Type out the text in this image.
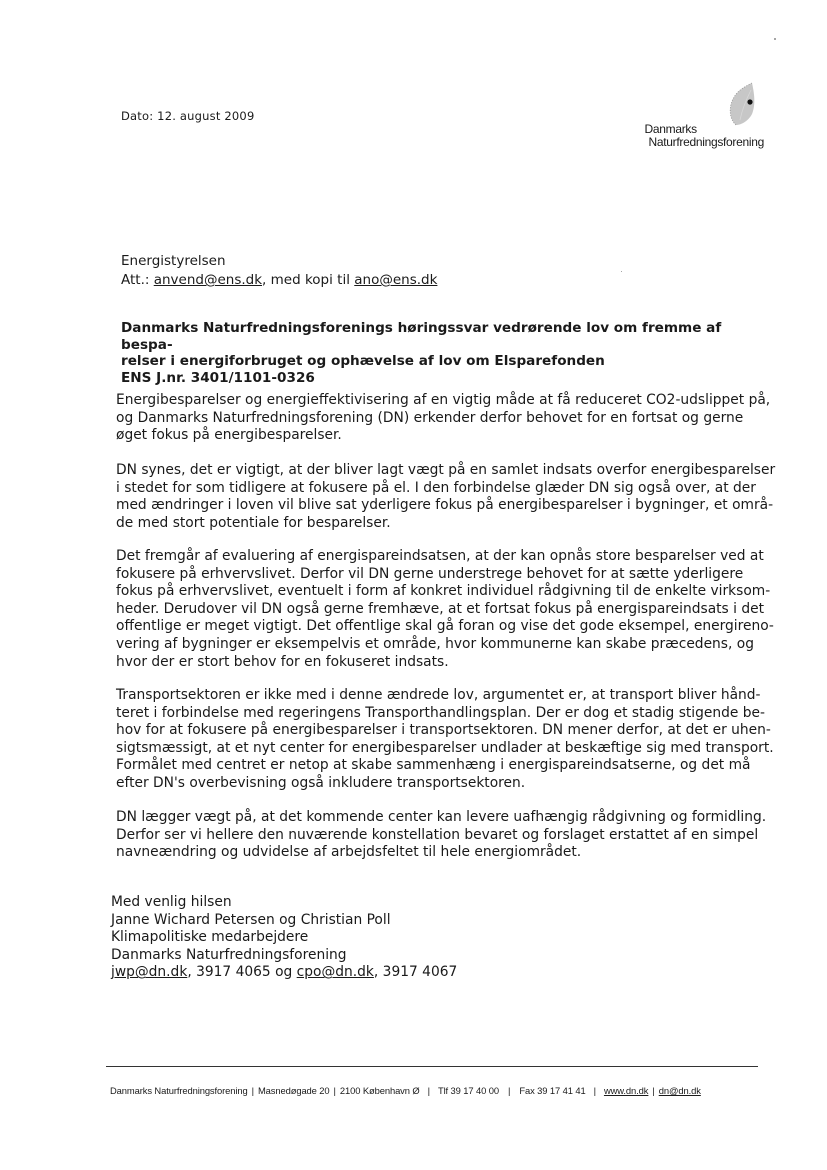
Dato: 12. august 2009
Danmarks
Naturfredningsforening
Energistyrelsen
Att.: anvend@ens.dk, med kopi til ano@ens.dk
Danmarks Naturfredningsforenings høringssvar vedrørende lov om fremme af bespa-
relser i energiforbruget og ophævelse af lov om Elsparefonden
ENS J.nr. 3401/1101-0326
Energibesparelser og energieffektivisering af en vigtig måde at få reduceret CO2-udslippet på,
og Danmarks Naturfredningsforening (DN) erkender derfor behovet for en fortsat og gerne
øget fokus på energibesparelser.
DN synes, det er vigtigt, at der bliver lagt vægt på en samlet indsats overfor energibesparelser
i stedet for som tidligere at fokusere på el. I den forbindelse glæder DN sig også over, at der
med ændringer i loven vil blive sat yderligere fokus på energibesparelser i bygninger, et områ-
de med stort potentiale for besparelser.
Det fremgår af evaluering af energispareindsatsen, at der kan opnås store besparelser ved at
fokusere på erhvervslivet. Derfor vil DN gerne understrege behovet for at sætte yderligere
fokus på erhvervslivet, eventuelt i form af konkret individuel rådgivning til de enkelte virksom-
heder. Derudover vil DN også gerne fremhæve, at et fortsat fokus på energispareindsats i det
offentlige er meget vigtigt. Det offentlige skal gå foran og vise det gode eksempel, energireno-
vering af bygninger er eksempelvis et område, hvor kommunerne kan skabe præcedens, og
hvor der er stort behov for en fokuseret indsats.
Transportsektoren er ikke med i denne ændrede lov, argumentet er, at transport bliver hånd-
teret i forbindelse med regeringens Transporthandlingsplan. Der er dog et stadig stigende be-
hov for at fokusere på energibesparelser i transportsektoren. DN mener derfor, at det er uhen-
sigtsmæssigt, at et nyt center for energibesparelser undlader at beskæftige sig med transport.
Formålet med centret er netop at skabe sammenhæng i energispareindsatserne, og det må
efter DN's overbevisning også inkludere transportsektoren.
DN lægger vægt på, at det kommende center kan levere uafhængig rådgivning og formidling.
Derfor ser vi hellere den nuværende konstellation bevaret og forslaget erstattet af en simpel
navneændring og udvidelse af arbejdsfeltet til hele energiområdet.
Med venlig hilsen
Janne Wichard Petersen og Christian Poll
Klimapolitiske medarbejdere
Danmarks Naturfredningsforening
jwp@dn.dk, 3917 4065 og cpo@dn.dk, 3917 4067
Danmarks Naturfredningsforening | Masnedøgade 20 | 2100 København Ø | Tlf 39 17 40 00 | Fax 39 17 41 41 | www.dn.dk | dn@dn.dk
